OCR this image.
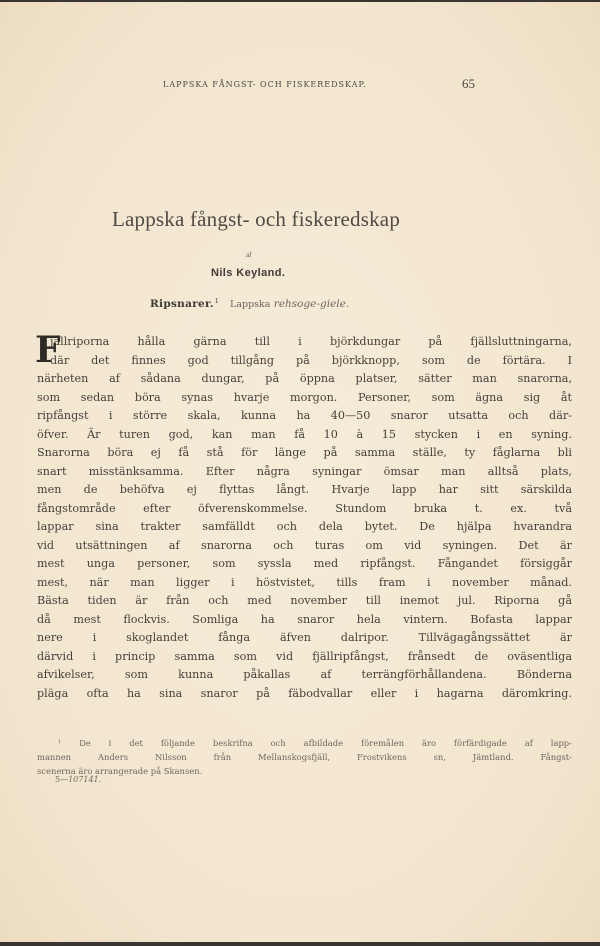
LAPPSKA FÅNGST- OCH FISKEREDSKAP.	65
Lappska fångst- och fiskeredskap
af
Nils Keyland.
Ripsnarer.$^1$ Lappska rehsoge-giele.
F
jällriporna hålla gärna till i björkdungar på fjällsluttningarna,
där det finnes god tillgång på björkknopp, som de förtära. I
närheten af sådana dungar, på öppna platser, sätter man snarorna,
som sedan böra synas hvarje morgon. Personer, som ägna sig åt
ripfångst i större skala, kunna ha 40—50 snaror utsatta och där-
öfver. Är turen god, kan man få 10 à 15 stycken i en syning.
Snarorna böra ej få stå för länge på samma ställe, ty fåglarna bli
snart misstänksamma. Efter några syningar ömsar man alltså plats,
men de behöfva ej flyttas långt. Hvarje lapp har sitt särskilda
fångstområde efter öfverenskommelse. Stundom bruka t. ex. två
lappar sina trakter samfälldt och dela bytet. De hjälpa hvarandra
vid utsättningen af snarorna och turas om vid syningen. Det är
mest unga personer, som syssla med ripfångst. Fångandet försiggår
mest, när man ligger i höstvistet, tills fram i november månad.
Bästa tiden är från och med november till inemot jul. Riporna gå
då mest flockvis. Somliga ha snaror hela vintern. Bofasta lappar
nere i skoglandet fånga äfven dalripor. Tillvägagångssättet är
därvid i princip samma som vid fjällripfångst, frånsedt de oväsentliga
afvikelser, som kunna påkallas af terrängförhållandena. Bönderna
pläga ofta ha sina snaror på fäbodvallar eller i hagarna däromkring.
$^1$ De i det följande beskrifna och afbildade föremålen äro förfärdigade af lapp-
mannen Anders Nilsson från Mellanskogsfjäll, Frostvikens sn, Jämtland. Fångst-
scenerna äro arrangerade på Skansen.
5—107141.
